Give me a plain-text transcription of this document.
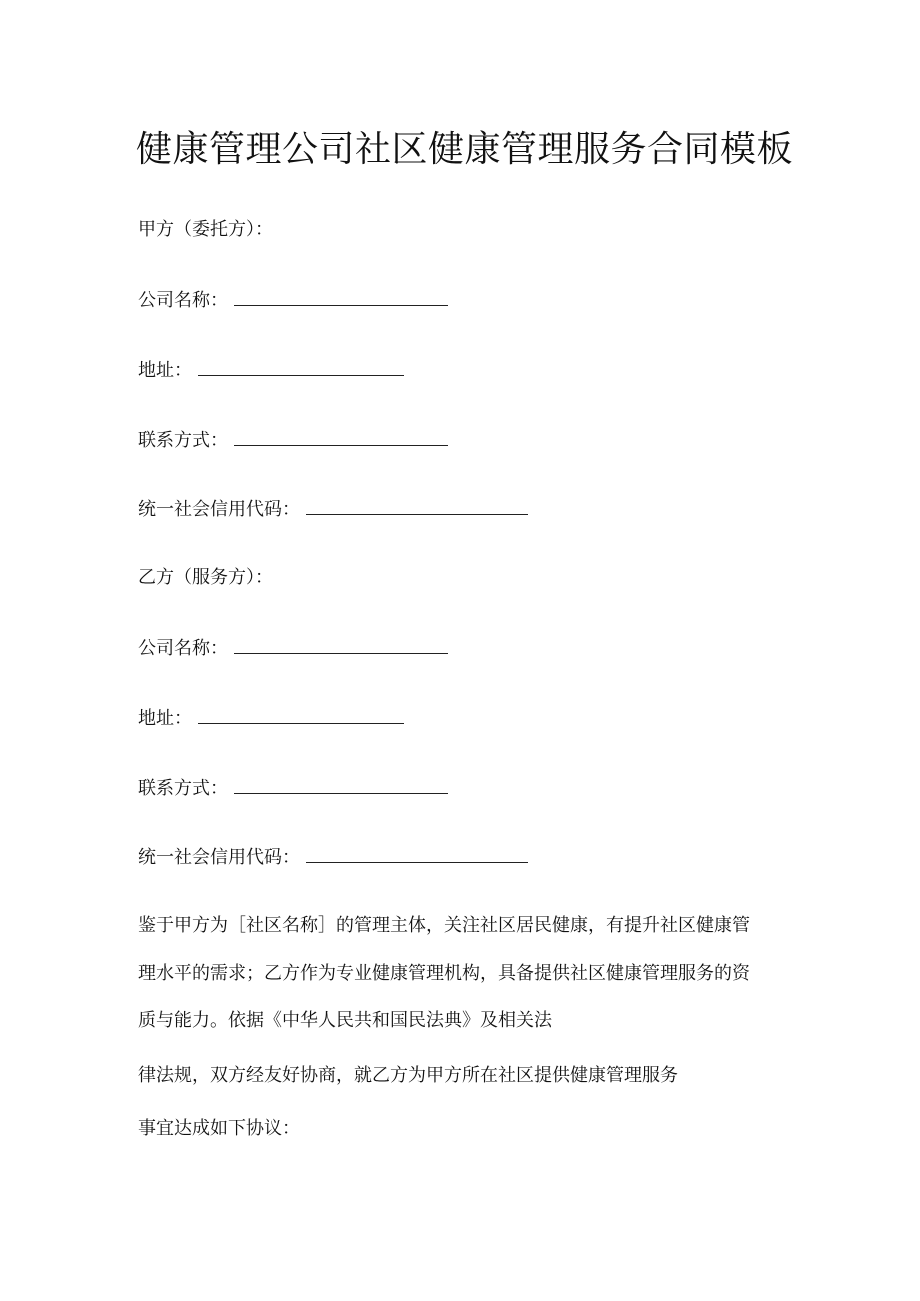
健康管理公司社区健康管理服务合同模板
甲方（委托方）：
公司名称：
地址：
联系方式：
统一社会信用代码：
乙方（服务方）：
公司名称：
地址：
联系方式：
统一社会信用代码：
鉴于甲方为［社区名称］的管理主体，关注社区居民健康，有提升社区健康管
理水平的需求；乙方作为专业健康管理机构，具备提供社区健康管理服务的资
质与能力。依据《中华人民共和国民法典》及相关法
律法规，双方经友好协商，就乙方为甲方所在社区提供健康管理服务
事宜达成如下协议：
